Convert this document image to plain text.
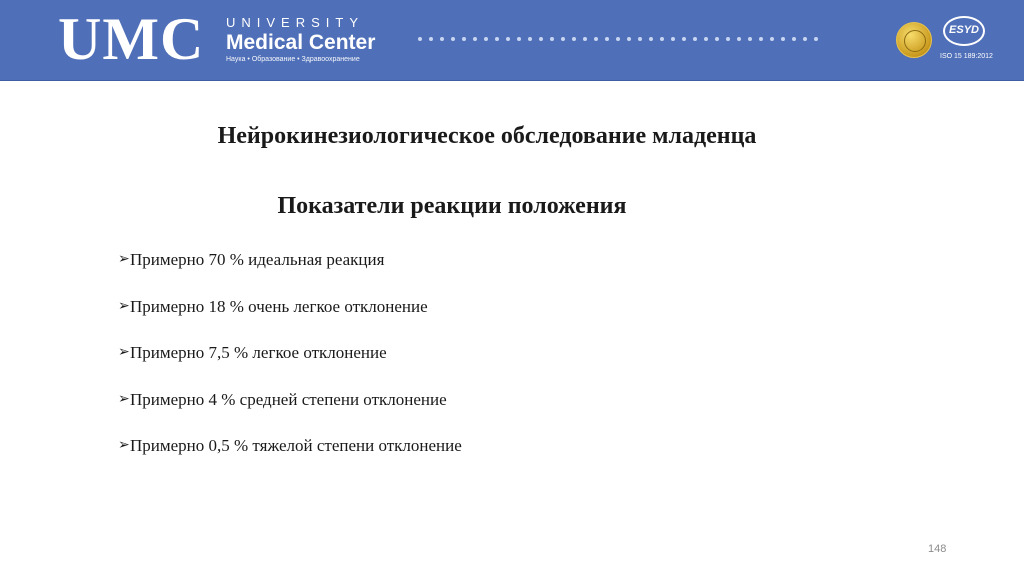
UMC UNIVERSITY
Medical Center
Наука • Образование • Здравоохранение
ESYD
ISO 15 189:2012
Нейрокинезиологическое обследование младенца
Показатели реакции положения
➢ Примерно 70 % идеальная реакция
➢ Примерно 18 % очень легкое отклонение
➢ Примерно 7,5 % легкое отклонение
➢ Примерно 4 % средней степени отклонение
➢ Примерно 0,5 % тяжелой степени отклонение
148
